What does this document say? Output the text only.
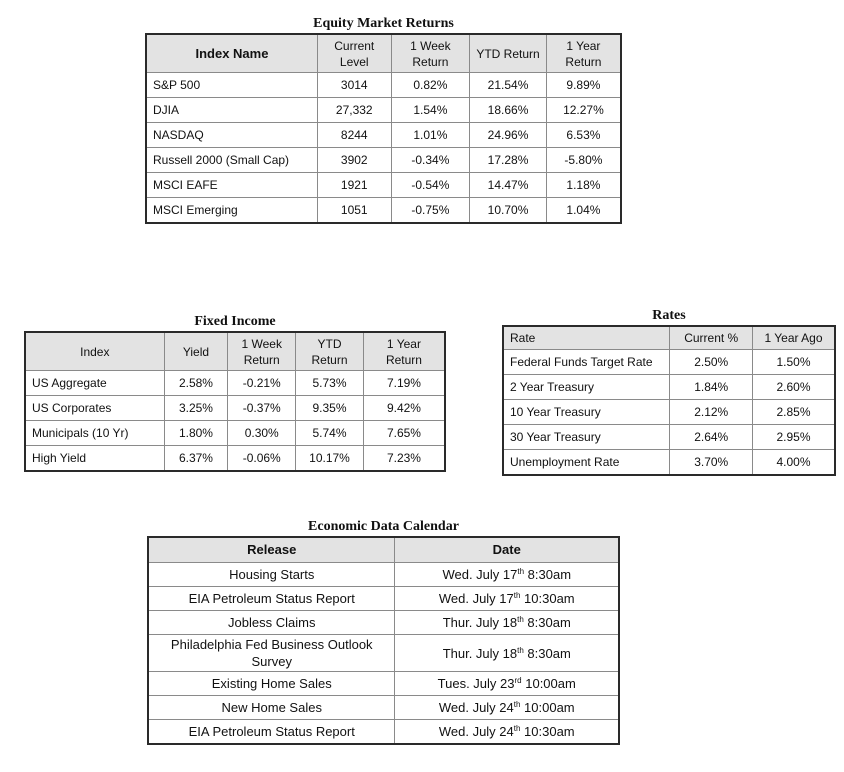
Equity Market Returns
Index Name	Current Level	1 Week Return	YTD Return	1 Year Return
S&P 500	3014	0.82%	21.54%	9.89%
DJIA	27,332	1.54%	18.66%	12.27%
NASDAQ	8244	1.01%	24.96%	6.53%
Russell 2000 (Small Cap)	3902	-0.34%	17.28%	-5.80%
MSCI EAFE	1921	-0.54%	14.47%	1.18%
MSCI Emerging	1051	-0.75%	10.70%	1.04%
Fixed Income
Index	Yield	1 Week Return	YTD Return	1 Year Return
US Aggregate	2.58%	-0.21%	5.73%	7.19%
US Corporates	3.25%	-0.37%	9.35%	9.42%
Municipals (10 Yr)	1.80%	0.30%	5.74%	7.65%
High Yield	6.37%	-0.06%	10.17%	7.23%
Rates
Rate	Current %	1 Year Ago
Federal Funds Target Rate	2.50%	1.50%
2 Year Treasury	1.84%	2.60%
10 Year Treasury	2.12%	2.85%
30 Year Treasury	2.64%	2.95%
Unemployment Rate	3.70%	4.00%
Economic Data Calendar
Release	Date
Housing Starts	Wed. July 17th 8:30am
EIA Petroleum Status Report	Wed. July 17th 10:30am
Jobless Claims	Thur. July 18th 8:30am
Philadelphia Fed Business Outlook Survey	Thur. July 18th 8:30am
Existing Home Sales	Tues. July 23rd 10:00am
New Home Sales	Wed. July 24th 10:00am
EIA Petroleum Status Report	Wed. July 24th 10:30am
